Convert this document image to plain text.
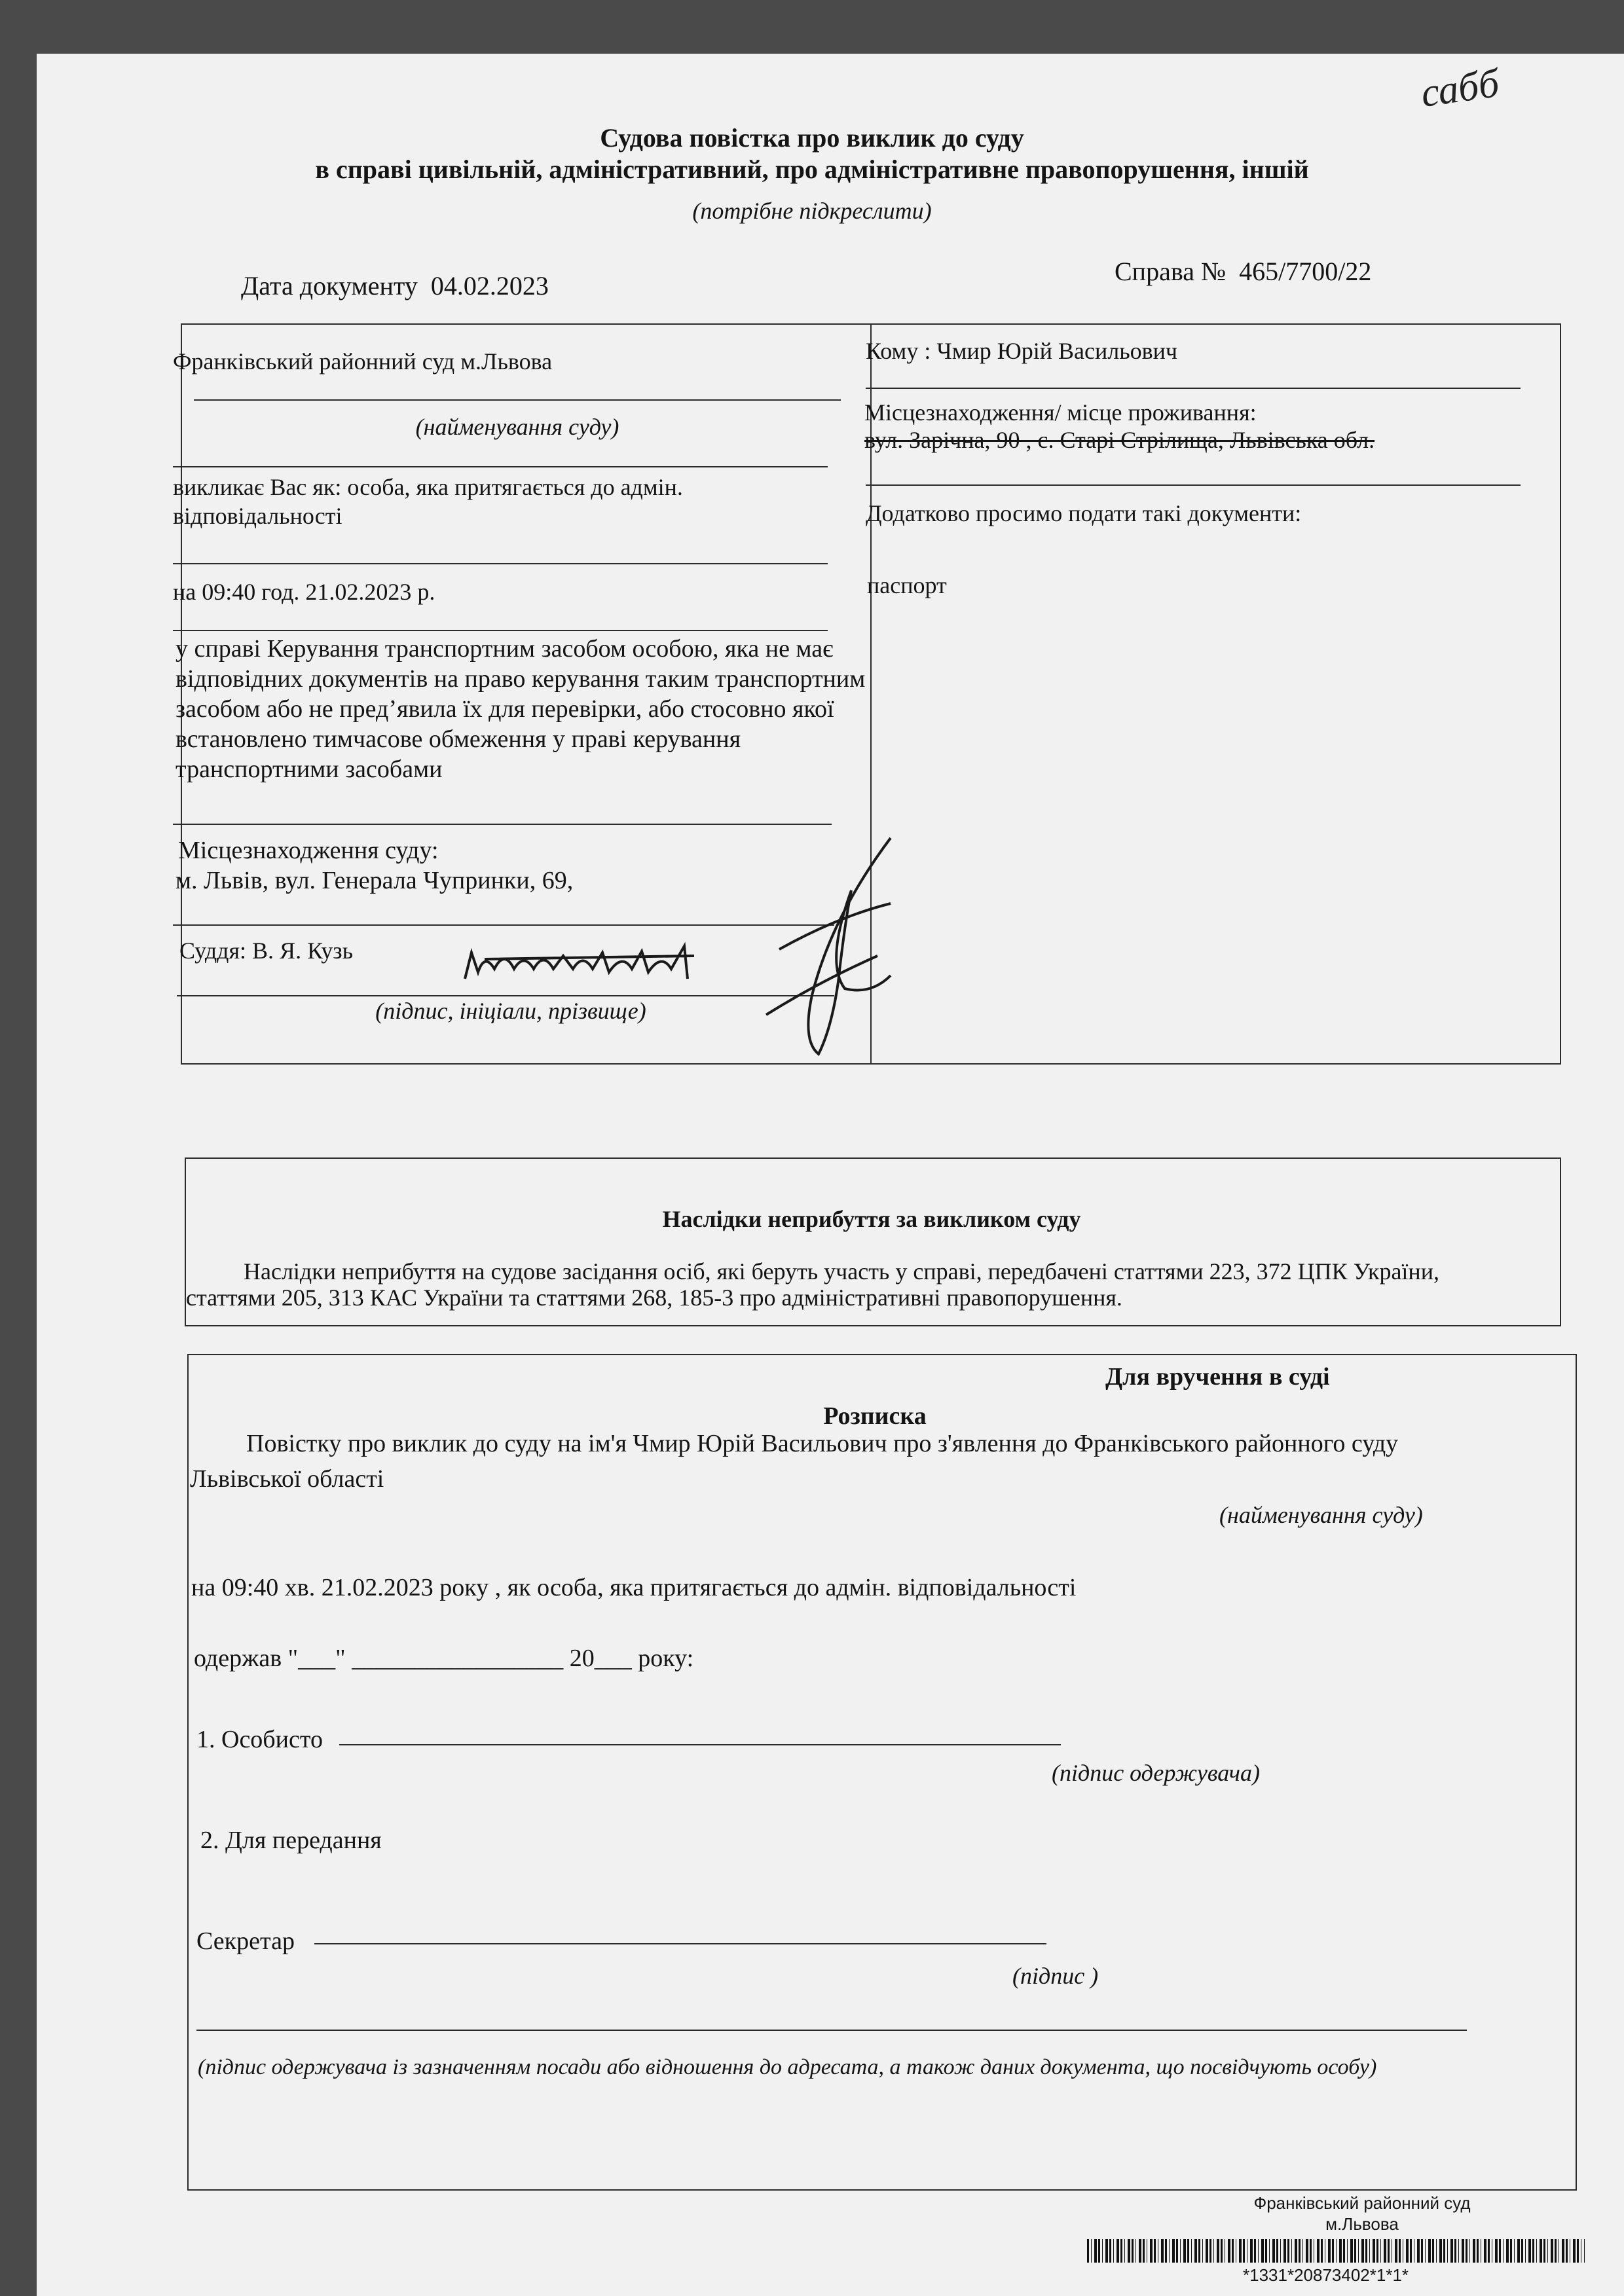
сабб
Судова повістка про виклик до суду
в справі цивільній, адміністративний, про адміністративне правопорушення, іншій
(потрібне підкреслити)
Дата документу 04.02.2023	Справа № 465/7700/22
Франківський районний суд м.Львова
(найменування суду)
викликає Вас як: особа, яка притягається до адмін. відповідальності
на 09:40 год. 21.02.2023 р.
у справі Керування транспортним засобом особою, яка не має відповідних документів на право керування таким транспортним засобом або не пред’явила їх для перевірки, або стосовно якої встановлено тимчасове обмеження у праві керування транспортними засобами
Місцезнаходження суду:
м. Львів, вул. Генерала Чупринки, 69,
Суддя: В. Я. Кузь
(підпис, ініціали, прізвище)
Кому : Чмир Юрій Васильович
Місцезнаходження/ місце проживання:
вул. Зарічна, 90 , с. Старі Стрілища, Львівська обл.
Додатково просимо подати такі документи:
паспорт
Наслідки неприбуття за викликом суду
Наслідки неприбуття на судове засідання осіб, які беруть участь у справі, передбачені статтями 223, 372 ЦПК України,
статтями 205, 313 КАС України та статтями 268, 185-3 про адміністративні правопорушення.
Для вручення в суді
Розписка
Повістку про виклик до суду на ім'я Чмир Юрій Васильович про з'явлення до Франківського районного суду
Львівської області
(найменування суду)
на 09:40 хв. 21.02.2023 року , як особа, яка притягається до адмін. відповідальності
одержав "___" _________________ 20___ року:
1. Особисто
(підпис одержувача)
2. Для передання
Секретар
(підпис )
(підпис одержувача із зазначенням посади або відношення до адресата, а також даних документа, що посвідчують особу)
Франківський районний суд
м.Львова
*1331*20873402*1*1*
